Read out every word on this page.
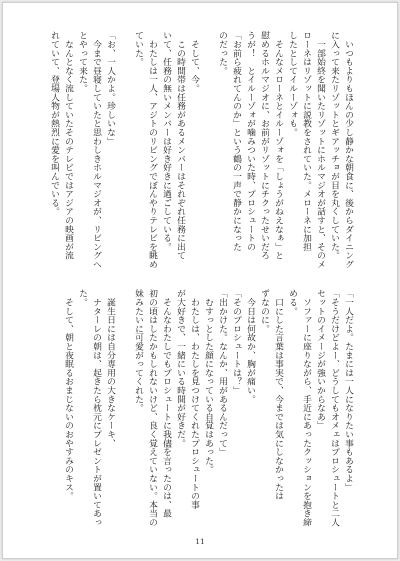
　いつもよりもほんの少し静かな朝食に、後からダイニング

に入って来たリゾットとギアッチョが目を丸くしていた。

　一部始終を聞いたリゾットにホルマジオが話すと、そのメ

ローネはリゾットに説教をされていた。メローネに加担

したとしてイルーゾォも。

　そんなメローネとイルーゾォを「しょうがねえなぁ」と

慰めるホルマジオに、お前がリゾットにチクったせいだろ

うが！　とイルーゾォが噛みついた時、プロシュートの

「お前ら疲れてんのか」という鶴の一声で静かになった

のだった。

　そして、今。

　この時間帯は任務があるメンバーはそれぞれ任務に出て

いて、任務の無いメンバーは好き好きに過ごしている。

　わたしは一人、アジトのリビングでぼんやりテレビを眺め

ていた。

「お、一人かよ。珍しいな」

　今まで昼寝していたと思わしきホルマジオが、リビングへ

とやって来た。

　なんとなく流していたそのテレビではアジアの映画が流

れていて、登場人物が熱烈に愛を叫んでいる。

「一人だよ。たまには一人になりたい事もあるよ」

「そうだけどよー、どうしてもオメェはプロシュートと二人

セットのイメージが強いからなあ」

　ソファーに座りながら、手近にあったクッションを抱き締

める。

　口にした言葉は事実で、今までは気にしなかったは

ずなのに。

　今日は何故か、胸が痛い。

「そのプロシュートは？」

「出かけた。なんか、用があるんだって」

　むすっとした顔になっている自覚はあった。

　わたしは、わたしを見つけてくれたプロシュートの事

が大好きで、一緒にいる時間が好きだ。

　そんなわたしでもプロシュートに我儘を言ったのは、最

初の頃はしたかもしれないけど、良く覚えていない。本当の

妹みたいに可愛がってくれた。

　誕生日には自分専用の大きなケーキ、

　ナターレの朝は、起きたら枕元にプレゼントが置いてあっ

た。

　そして、朝と夜眠るおまじないのおやすみのキス。

11
